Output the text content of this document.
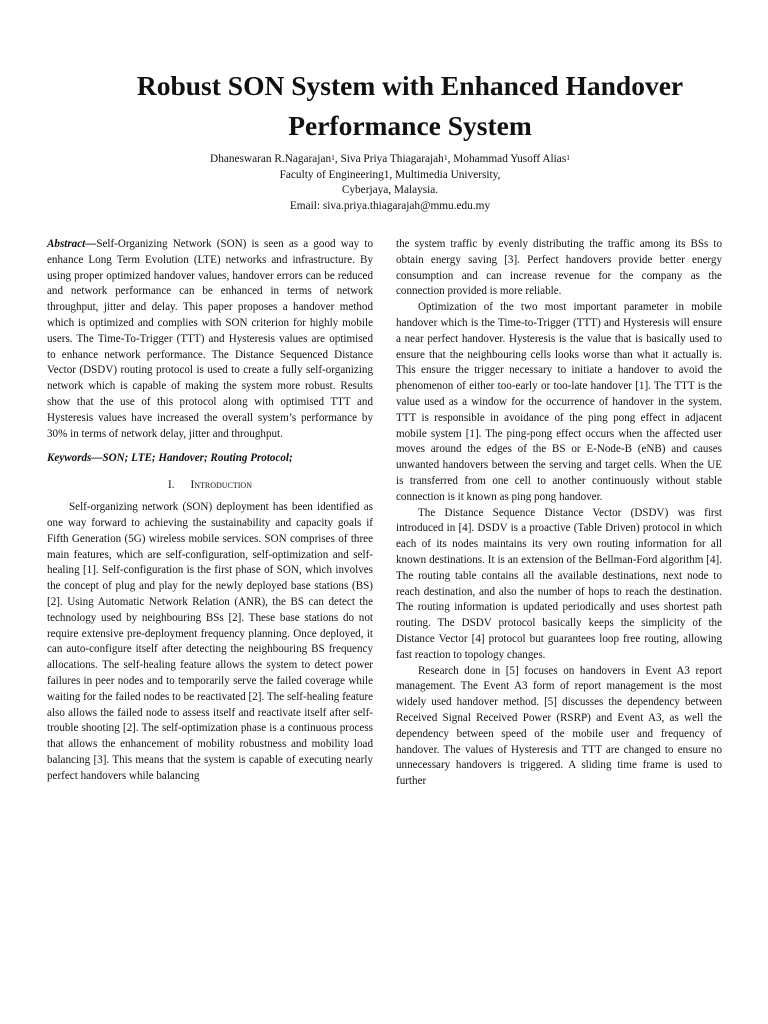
Robust SON System with Enhanced Handover
Performance System
Dhaneswaran R.Nagarajan$^1$, Siva Priya Thiagarajah$^1$, Mohammad Yusoff Alias$^1$
Faculty of Engineering1, Multimedia University,
Cyberjaya, Malaysia.
Email: siva.priya.thiagarajah@mmu.edu.my

Abstract—Self-Organizing Network (SON) is seen as a good way to enhance Long Term Evolution (LTE) networks and infrastructure. By using proper optimized handover values, handover errors can be reduced and network performance can be enhanced in terms of network throughput, jitter and delay. This paper proposes a handover method which is optimized and complies with SON criterion for highly mobile users. The Time-To-Trigger (TTT) and Hysteresis values are optimised to enhance network performance. The Distance Sequenced Distance Vector (DSDV) routing protocol is used to create a fully self-organizing network which is capable of making the system more robust. Results show that the use of this protocol along with optimised TTT and Hysteresis values have increased the overall system’s performance by 30% in terms of network delay, jitter and throughput.

Keywords—SON; LTE; Handover; Routing Protocol;

I. Introduction

Self-organizing network (SON) deployment has been identified as one way forward to achieving the sustainability and capacity goals if Fifth Generation (5G) wireless mobile services. SON comprises of three main features, which are self-configuration, self-optimization and self-healing [1]. Self-configuration is the first phase of SON, which involves the concept of plug and play for the newly deployed base stations (BS) [2]. Using Automatic Network Relation (ANR), the BS can detect the technology used by neighbouring BSs [2]. These base stations do not require extensive pre-deployment frequency planning. Once deployed, it can auto-configure itself after detecting the neighbouring BS frequency allocations. The self-healing feature allows the system to detect power failures in peer nodes and to temporarily serve the failed coverage while waiting for the failed nodes to be reactivated [2]. The self-healing feature also allows the failed node to assess itself and reactivate itself after self-trouble shooting [2]. The self-optimization phase is a continuous process that allows the enhancement of mobility robustness and mobility load balancing [3]. This means that the system is capable of executing nearly perfect handovers while balancing

the system traffic by evenly distributing the traffic among its BSs to obtain energy saving [3]. Perfect handovers provide better energy consumption and can increase revenue for the company as the connection provided is more reliable.

Optimization of the two most important parameter in mobile handover which is the Time-to-Trigger (TTT) and Hysteresis will ensure a near perfect handover. Hysteresis is the value that is basically used to ensure that the neighbouring cells looks worse than what it actually is. This ensure the trigger necessary to initiate a handover to avoid the phenomenon of either too-early or too-late handover [1]. The TTT is the value used as a window for the occurrence of handover in the system. TTT is responsible in avoidance of the ping pong effect in adjacent mobile system [1]. The ping-pong effect occurs when the affected user moves around the edges of the BS or E-Node-B (eNB) and causes unwanted handovers between the serving and target cells. When the UE is transferred from one cell to another continuously without stable connection is it known as ping pong handover.

The Distance Sequence Distance Vector (DSDV) was first introduced in [4]. DSDV is a proactive (Table Driven) protocol in which each of its nodes maintains its very own routing information for all known destinations. It is an extension of the Bellman-Ford algorithm [4]. The routing table contains all the available destinations, next node to reach destination, and also the number of hops to reach the destination. The routing information is updated periodically and uses shortest path routing. The DSDV protocol basically keeps the simplicity of the Distance Vector [4] protocol but guarantees loop free routing, allowing fast reaction to topology changes.

Research done in [5] focuses on handovers in Event A3 report management. The Event A3 form of report management is the most widely used handover method. [5] discusses the dependency between Received Signal Received Power (RSRP) and Event A3, as well the dependency between speed of the mobile user and frequency of handover. The values of Hysteresis and TTT are changed to ensure no unnecessary handovers is triggered. A sliding time frame is used to further
